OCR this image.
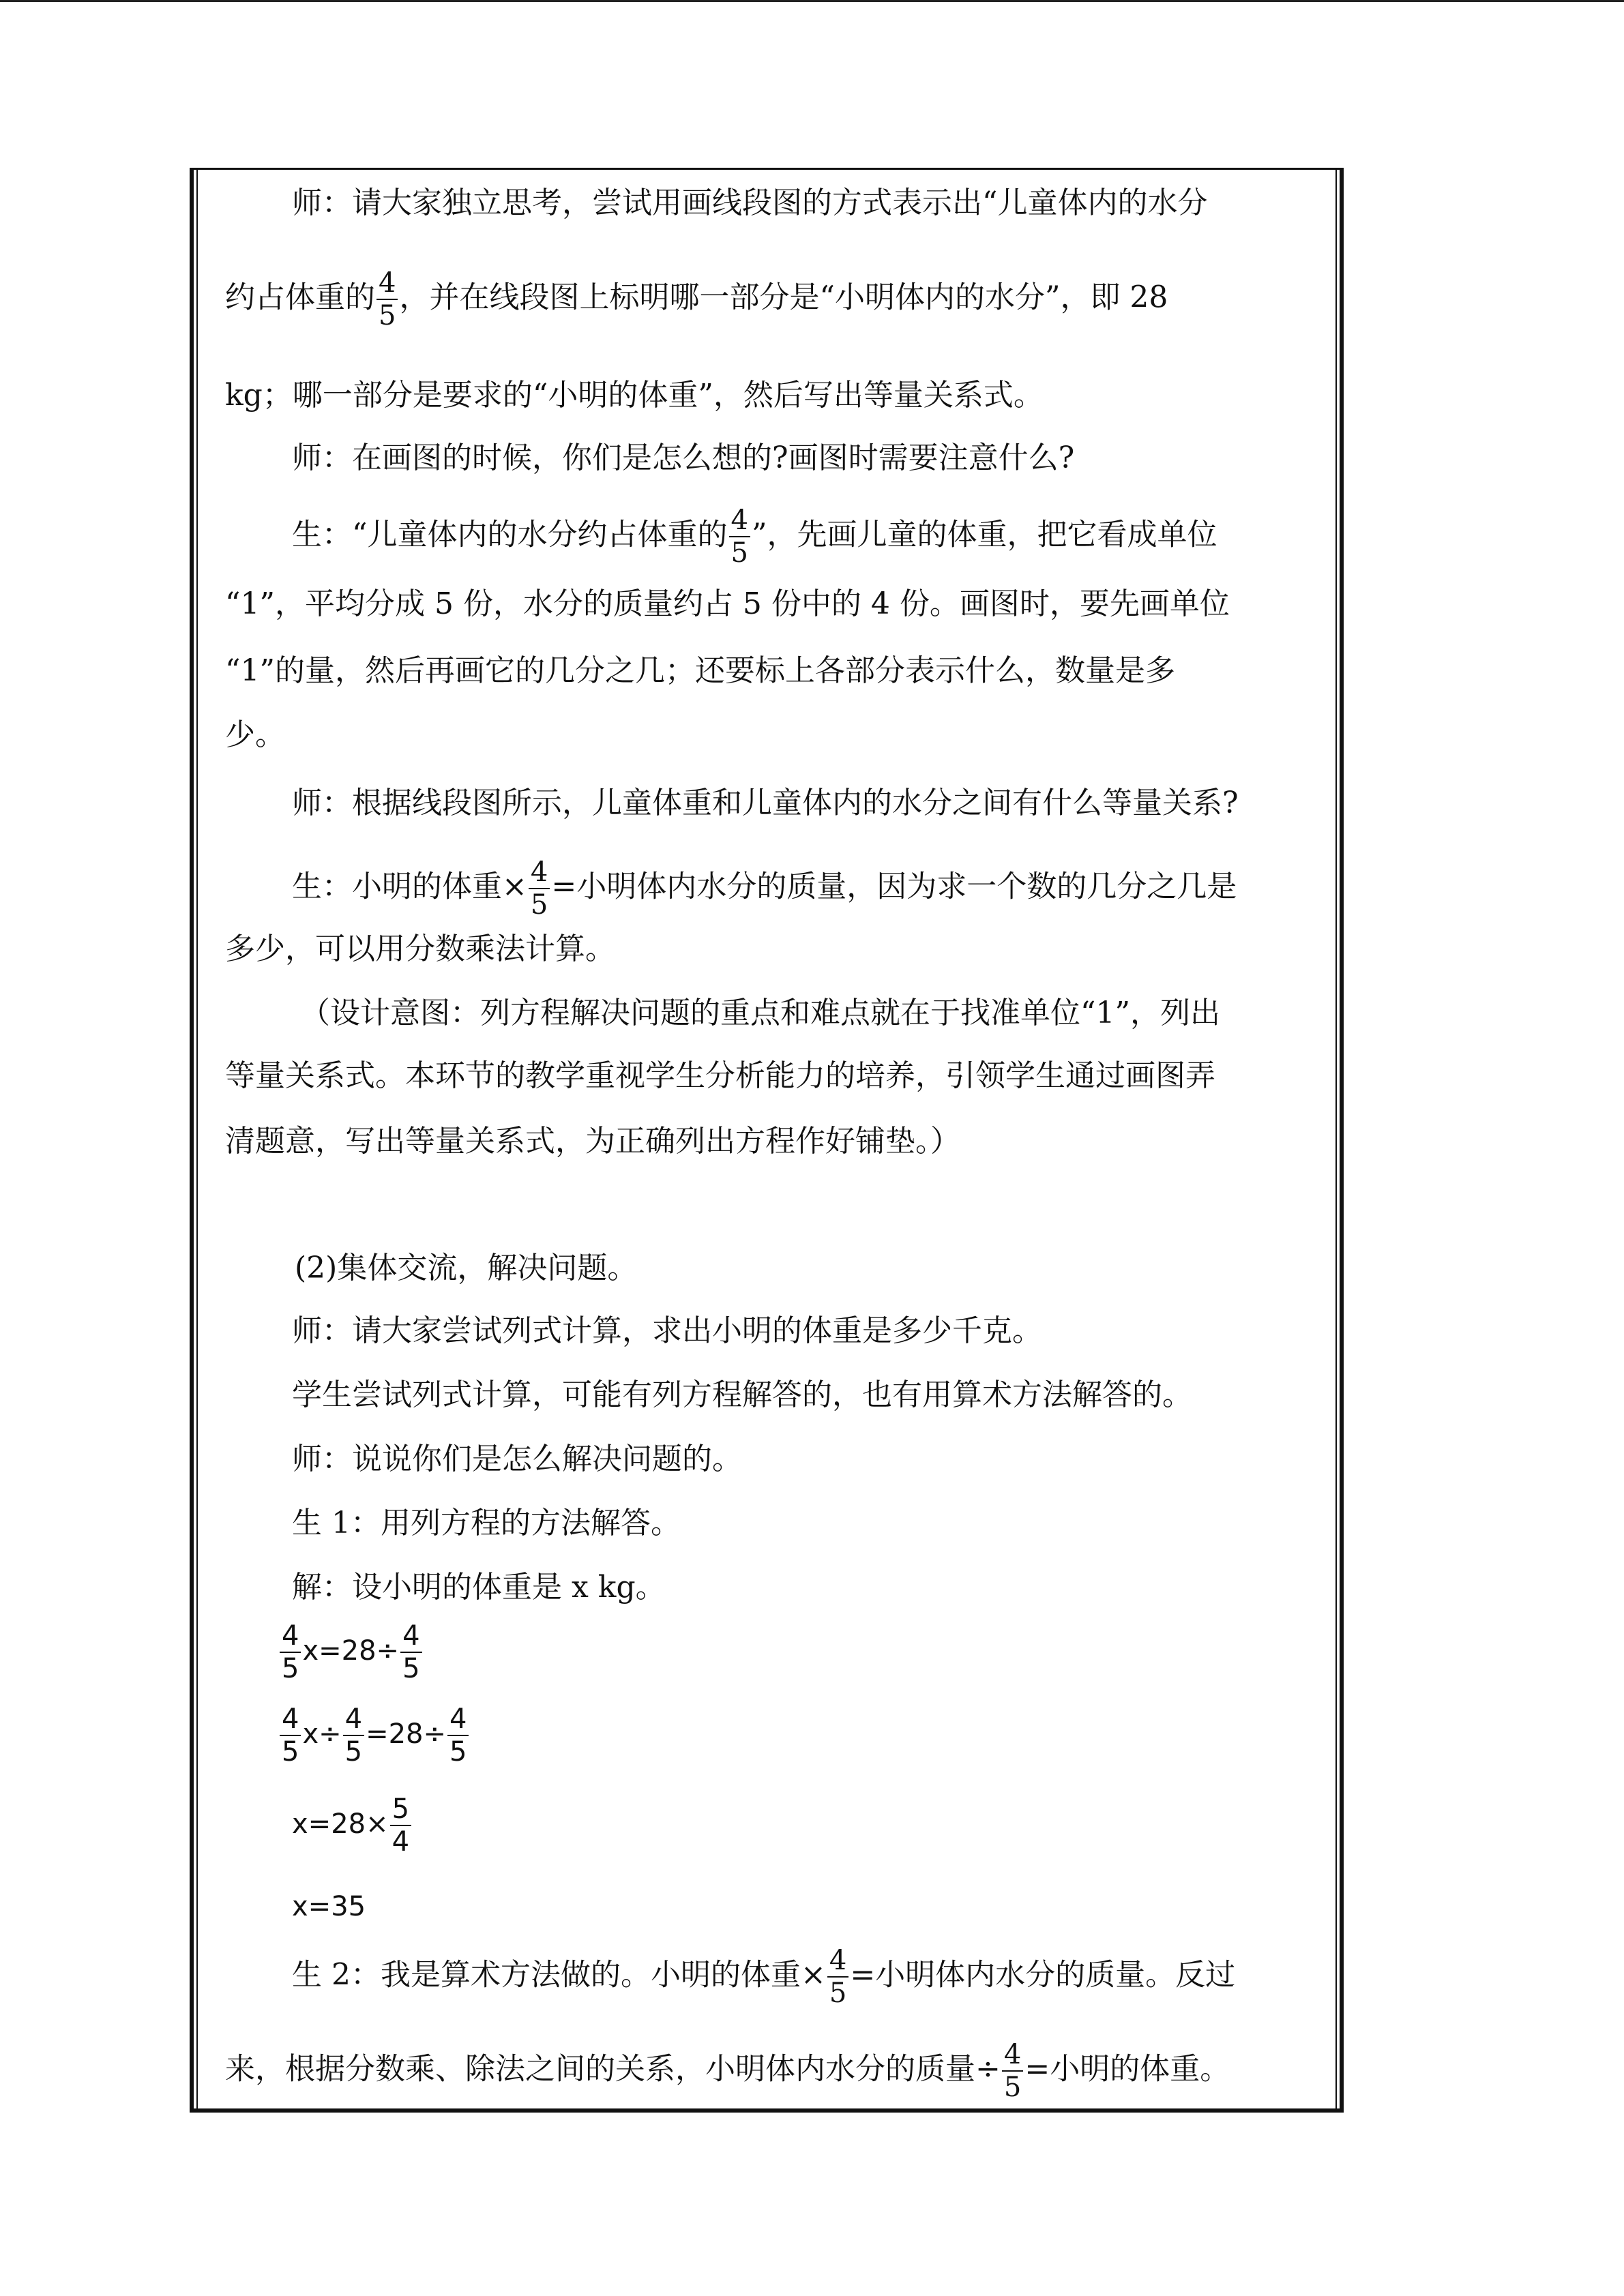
师：请大家独立思考，尝试用画线段图的方式表示出“儿童体内的水分
约占体重的 $\frac{4}{5}$ ，并在线段图上标明哪一部分是“小明体内的水分”，即 28
kg；哪一部分是要求的“小明的体重”，然后写出等量关系式。
师：在画图的时候，你们是怎么想的?画图时需要注意什么?
生：“儿童体内的水分约占体重的 $\frac{4}{5}$ ”，先画儿童的体重，把它看成单位
“1”，平均分成 5 份，水分的质量约占 5 份中的 4 份。画图时，要先画单位
“1”的量，然后再画它的几分之几；还要标上各部分表示什么，数量是多
少。
师：根据线段图所示，儿童体重和儿童体内的水分之间有什么等量关系?
生：小明的体重× $\frac{4}{5}$ =小明体内水分的质量，因为求一个数的几分之几是
多少，可以用分数乘法计算。
（设计意图：列方程解决问题的重点和难点就在于找准单位“1”，列出
等量关系式。本环节的教学重视学生分析能力的培养，引领学生通过画图弄
清题意，写出等量关系式，为正确列出方程作好铺垫。）
(2)集体交流，解决问题。
师：请大家尝试列式计算，求出小明的体重是多少千克。
学生尝试列式计算，可能有列方程解答的，也有用算术方法解答的。
师：说说你们是怎么解决问题的。
生 1：用列方程的方法解答。
解：设小明的体重是 x kg。
$\frac{4}{5} x=28\div \frac{4}{5}$
$\frac{4}{5} x\div \frac{4}{5} =28\div \frac{4}{5}$
$x=28\times \frac{5}{4}$
x=35
生 2：我是算术方法做的。小明的体重× $\frac{4}{5}$ =小明体内水分的质量。反过
来，根据分数乘、除法之间的关系，小明体内水分的质量÷ $\frac{4}{5}$ =小明的体重。
